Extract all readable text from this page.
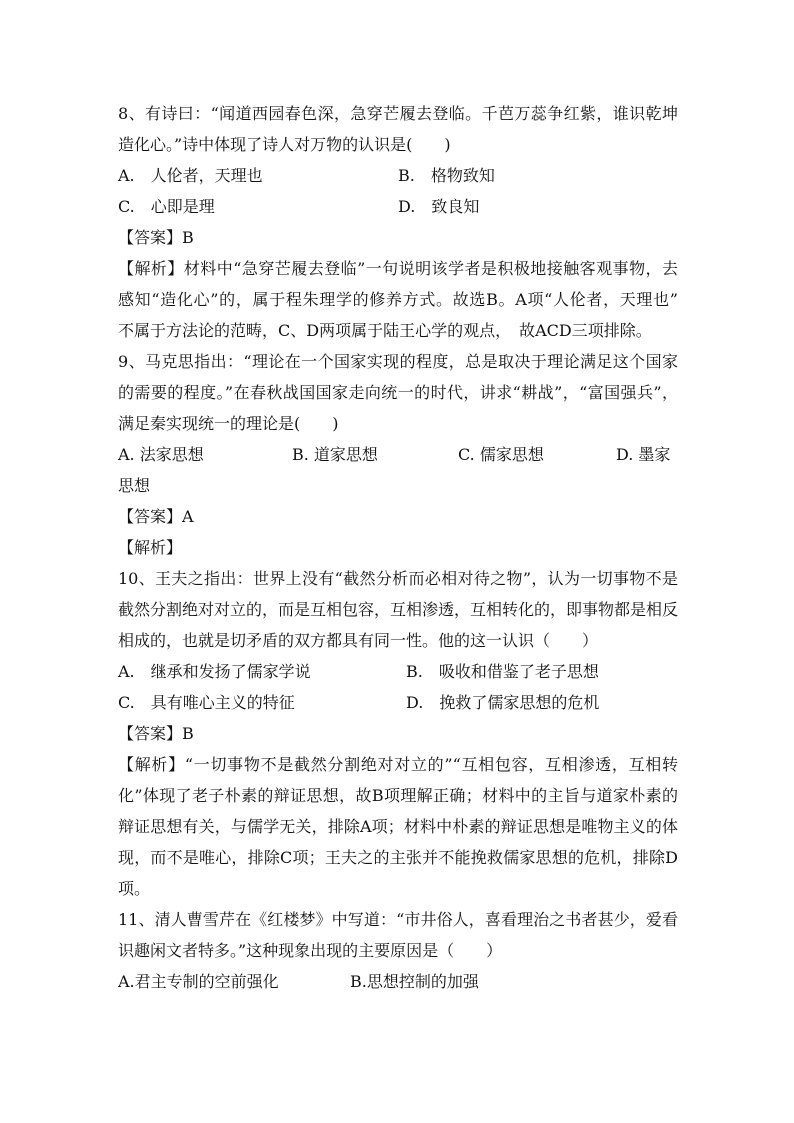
8、有诗曰：“闻道西园春色深，急穿芒履去登临。千芭万蕊争红紫，谁识乾坤
造化心。”诗中体现了诗人对万物的认识是(　　)
A.　人伦者，天理也	B.　格物致知
C.　心即是理	D.　致良知
【答案】B
【解析】材料中“急穿芒履去登临”一句说明该学者是积极地接触客观事物，去
感知“造化心”的，属于程朱理学的修养方式。故选B。A项“人伦者，天理也”
不属于方法论的范畴，C、D两项属于陆王心学的观点，　故ACD三项排除。
9、马克思指出：“理论在一个国家实现的程度，总是取决于理论满足这个国家
的需要的程度。”在春秋战国国家走向统一的时代，讲求“耕战”，“富国强兵”，
满足秦实现统一的理论是(　　)
A. 法家思想	B. 道家思想	C. 儒家思想	D. 墨家
思想
【答案】A
【解析】
10、王夫之指出：世界上没有“截然分析而必相对待之物”，认为一切事物不是
截然分割绝对对立的，而是互相包容，互相渗透，互相转化的，即事物都是相反
相成的，也就是切矛盾的双方都具有同一性。他的这一认识（　　）
A.　继承和发扬了儒家学说	B.　吸收和借鉴了老子思想
C.　具有唯心主义的特征	D.　挽救了儒家思想的危机
【答案】B
【解析】“一切事物不是截然分割绝对对立的”“互相包容，互相渗透，互相转
化”体现了老子朴素的辩证思想，故B项理解正确；材料中的主旨与道家朴素的
辩证思想有关，与儒学无关，排除A项；材料中朴素的辩证思想是唯物主义的体
现，而不是唯心，排除C项；王夫之的主张并不能挽救儒家思想的危机，排除D
项。
11、清人曹雪芹在《红楼梦》中写道：“市井俗人，喜看理治之书者甚少，爱看
识趣闲文者特多。”这种现象出现的主要原因是（　　）
A.君主专制的空前强化	B.思想控制的加强
